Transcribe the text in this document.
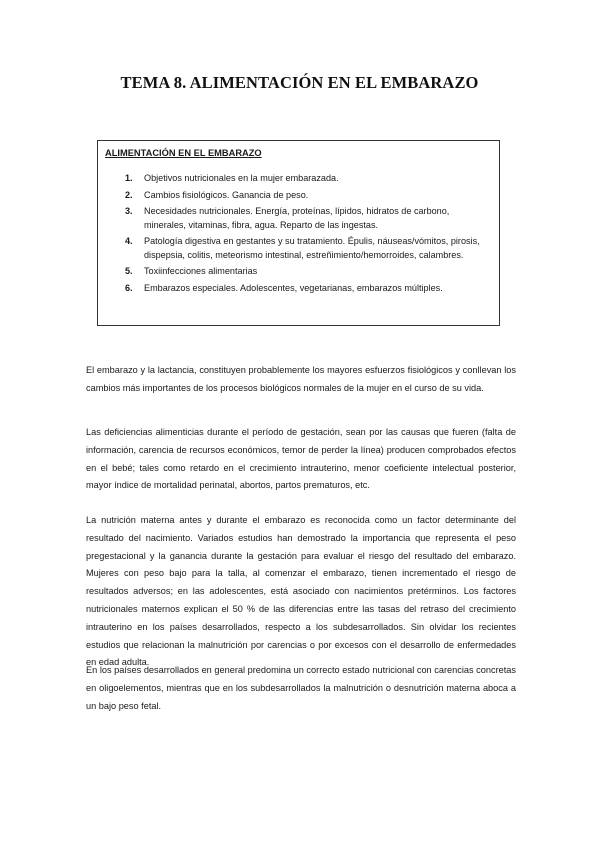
TEMA 8. ALIMENTACIÓN EN EL EMBARAZO
ALIMENTACIÓN EN EL EMBARAZO
1. Objetivos nutricionales en la mujer embarazada.
2. Cambios fisiológicos. Ganancia de peso.
3. Necesidades nutricionales. Energía, proteínas, lípidos, hidratos de carbono, minerales, vitaminas, fibra, agua. Reparto de las ingestas.
4. Patología digestiva en gestantes y su tratamiento. Épulis, náuseas/vómitos, pirosis, dispepsia, colitis, meteorismo intestinal, estreñimiento/hemorroides, calambres.
5. Toxiinfecciones alimentarias
6. Embarazos especiales. Adolescentes, vegetarianas, embarazos múltiples.

El embarazo y la lactancia, constituyen probablemente los mayores esfuerzos fisiológicos y conllevan los cambios más importantes de los procesos biológicos normales de la mujer en el curso de su vida.

Las deficiencias alimenticias durante el período de gestación, sean por las causas que fueren (falta de información, carencia de recursos económicos, temor de perder la línea) producen comprobados efectos en el bebé; tales como retardo en el crecimiento intrauterino, menor coeficiente intelectual posterior, mayor índice de mortalidad perinatal, abortos, partos prematuros, etc.

La nutrición materna antes y durante el embarazo es reconocida como un factor determinante del resultado del nacimiento. Variados estudios han demostrado la importancia que representa el peso pregestacional y la ganancia durante la gestación para evaluar el riesgo del resultado del embarazo. Mujeres con peso bajo para la talla, al comenzar el embarazo, tienen incrementado el riesgo de resultados adversos; en las adolescentes, está asociado con nacimientos pretérminos. Los factores nutricionales maternos explican el 50 % de las diferencias entre las tasas del retraso del crecimiento intrauterino en los países desarrollados, respecto a los subdesarrollados. Sin olvidar los recientes estudios que relacionan la malnutrición por carencias o por excesos con el desarrollo de enfermedades en edad adulta.

En los países desarrollados en general predomina un correcto estado nutricional con carencias concretas en oligoelementos, mientras que en los subdesarrollados la malnutrición o desnutrición materna aboca a un bajo peso fetal.
